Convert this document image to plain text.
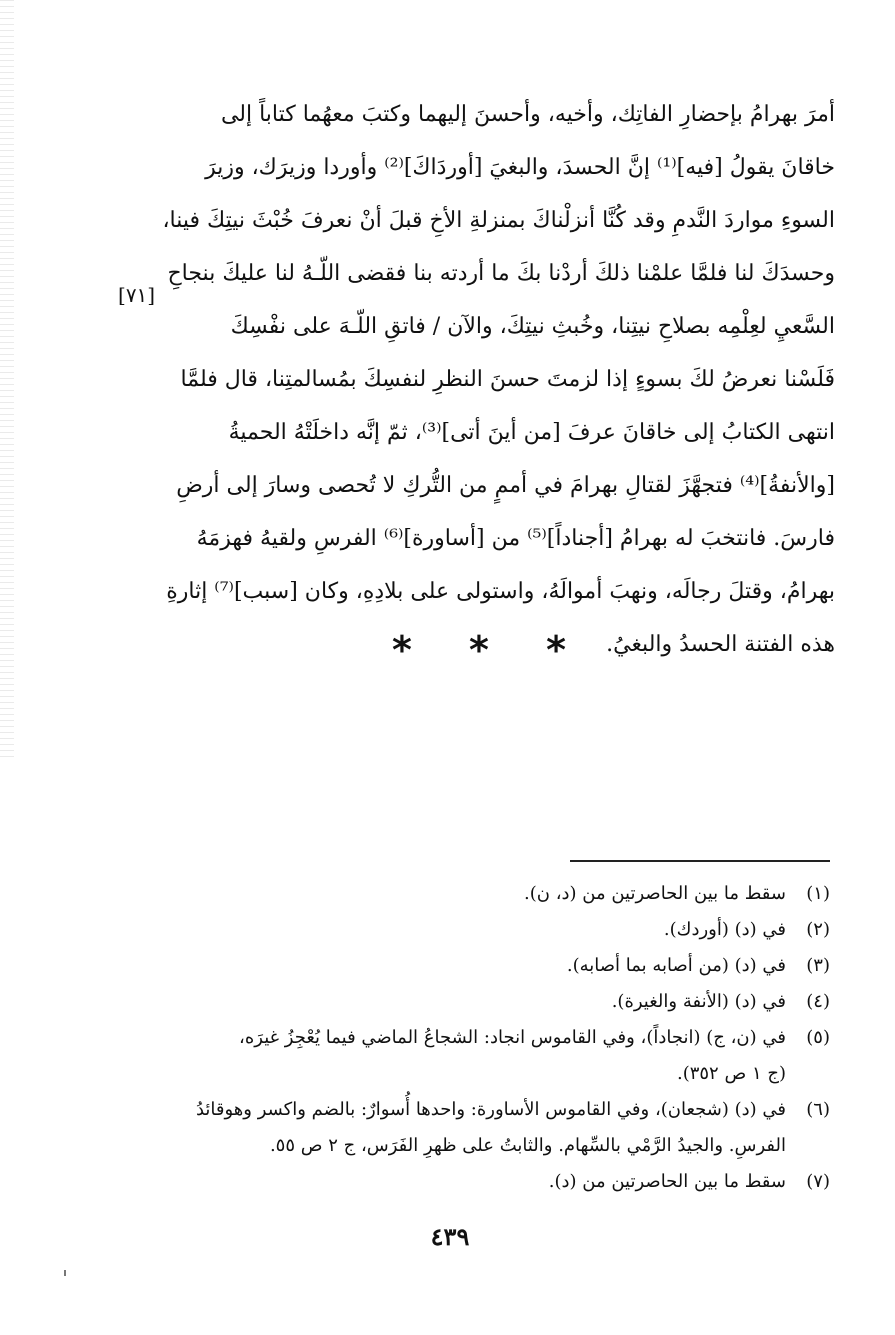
أمرَ بهرامُ بإحضارِ الفاتِك، وأخيه، وأحسنَ إليهما وكتبَ معهُما كتاباً إلى
خاقانَ يقولُ [فيه]⁽¹⁾ إنَّ الحسدَ، والبغيَ [أوردَاكَ]⁽²⁾ وأوردا وزيرَك، وزيرَ
السوءِ مواردَ النَّدمِ وقد كُنَّا أنزلْناكَ بمنزلةِ الأخِ قبلَ أنْ نعرفَ خُبْثَ نيتِكَ فينا،
وحسدَكَ لنا فلمَّا علمْنا ذلكَ أردْنا بكَ ما أردته بنا فقضى اللّـهُ لنا عليكَ بنجاحِ
السَّعيِ لعِلْمِه بصلاحِ نيتِنا، وخُبثِ نيتِكَ، والآن / فاتقِ اللّـهَ على نفْسِكَ
فَلَسْنا نعرضُ لكَ بسوءٍ إذا لزمتَ حسنَ النظرِ لنفسِكَ بمُسالمتِنا، قال فلمَّا
انتهى الكتابُ إلى خاقانَ عرفَ [من أينَ أتى]⁽³⁾، ثمّ إنَّه داخلَتْهُ الحميةُ
[والأنفةُ]⁽⁴⁾ فتجهَّزَ لقتالِ بهرامَ في أممٍ من التُّركِ لا تُحصى وسارَ إلى أرضِ
فارسَ. فانتخبَ له بهرامُ [أجناداً]⁽⁵⁾ من [أساورة]⁽⁶⁾ الفرسِ ولقيهُ فهزمَهُ
بهرامُ، وقتلَ رجالَه، ونهبَ أموالَهُ، واستولى على بلادِهِ، وكان [سبب]⁽⁷⁾ إثارةِ
هذه الفتنة الحسدُ والبغيُ.
[٧١]
* * *
(١)
سقط ما بين الحاصرتين من (د، ن).
(٢)
في (د) (أوردك).
(٣)
في (د) (من أصابه بما أصابه).
(٤)
في (د) (الأنفة والغيرة).
(٥)
في (ن، ج) (انجاداً)، وفي القاموس انجاد: الشجاعُ الماضي فيما يُعْجِزُ غيرَه،
(ج ١ ص ٣٥٢).
(٦)
في (د) (شجعان)، وفي القاموس الأساورة: واحدها أُسوارٌ: بالضم واكسر وهوقائدُ
الفرسِ. والجيدُ الرَّمْي بالسِّهام. والثابتُ على ظهرِ الفَرَس، ج ٢ ص ٥٥.
(٧)
سقط ما بين الحاصرتين من (د).
٤٣٩
